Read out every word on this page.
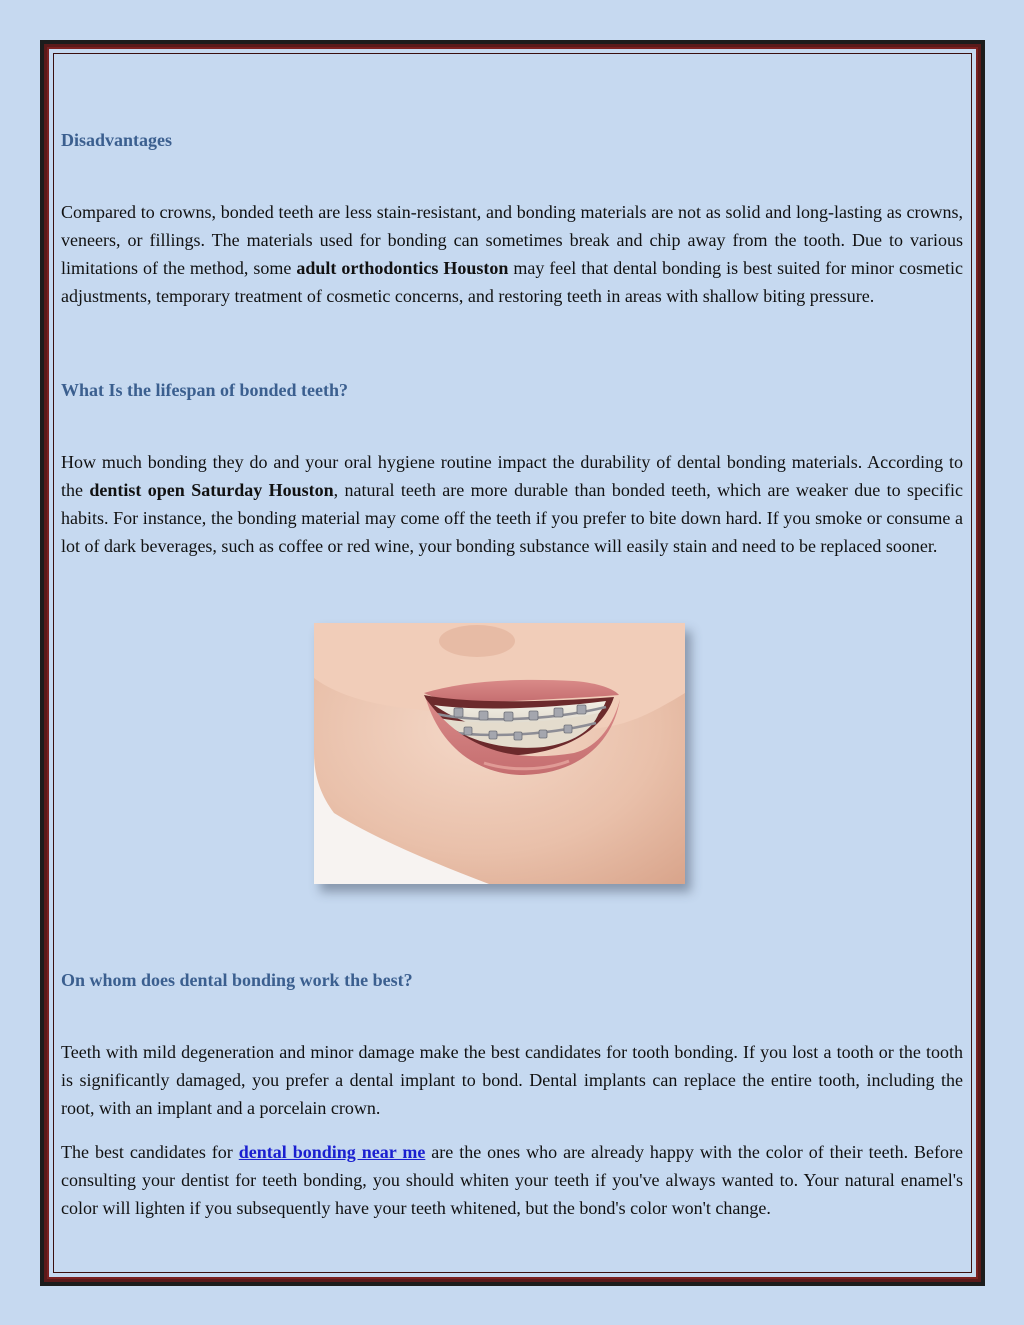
Disadvantages

Compared to crowns, bonded teeth are less stain-resistant, and bonding materials are not as solid and long-lasting as crowns, veneers, or fillings. The materials used for bonding can sometimes break and chip away from the tooth. Due to various limitations of the method, some adult orthodontics Houston may feel that dental bonding is best suited for minor cosmetic adjustments, temporary treatment of cosmetic concerns, and restoring teeth in areas with shallow biting pressure.

What Is the lifespan of bonded teeth?

How much bonding they do and your oral hygiene routine impact the durability of dental bonding materials. According to the dentist open Saturday Houston, natural teeth are more durable than bonded teeth, which are weaker due to specific habits. For instance, the bonding material may come off the teeth if you prefer to bite down hard. If you smoke or consume a lot of dark beverages, such as coffee or red wine, your bonding substance will easily stain and need to be replaced sooner.

On whom does dental bonding work the best?

Teeth with mild degeneration and minor damage make the best candidates for tooth bonding. If you lost a tooth or the tooth is significantly damaged, you prefer a dental implant to bond. Dental implants can replace the entire tooth, including the root, with an implant and a porcelain crown.

The best candidates for dental bonding near me are the ones who are already happy with the color of their teeth. Before consulting your dentist for teeth bonding, you should whiten your teeth if you've always wanted to. Your natural enamel's color will lighten if you subsequently have your teeth whitened, but the bond's color won't change.
